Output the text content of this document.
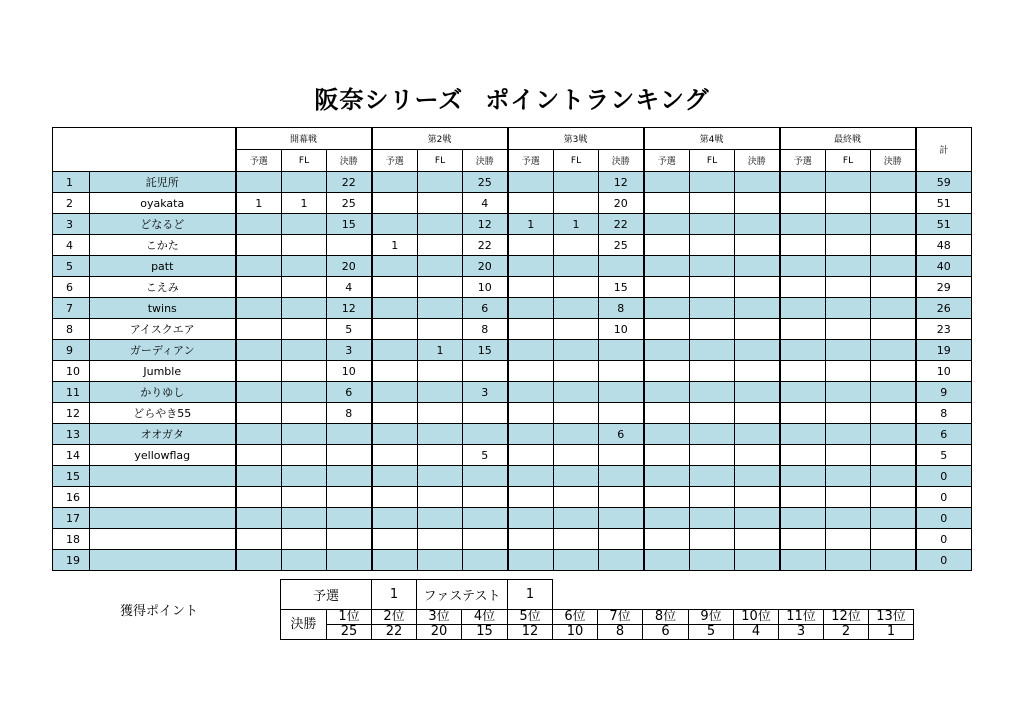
阪奈シリーズ ポイントランキング
		開幕戦			第2戦			第3戦			第4戦			最終戦			計
		予選	FL	決勝	予選	FL	決勝	予選	FL	決勝	予選	FL	決勝	予選	FL	決勝	
1	託児所			22			25			12							59
2	oyakata	1	1	25			4			20							51
3	どなるど			15			12	1	1	22							51
4	こかた				1		22			25							48
5	patt			20			20										40
6	こえみ			4			10			15							29
7	twins			12			6			8							26
8	アイスクエア			5			8			10							23
9	ガーディアン			3		1	15										19
10	Jumble			10													10
11	かりゆし			6			3										9
12	どらやき55			8													8
13	オオガタ									6							6
14	yellowflag						5										5
15																	0
16																	0
17																	0
18																	0
19																	0
獲得ポイント
予選		1	ファステスト		1								
決勝	1位	2位	3位	4位	5位	6位	7位	8位	9位	10位	11位	12位	13位
	25	22	20	15	12	10	8	6	5	4	3	2	1
